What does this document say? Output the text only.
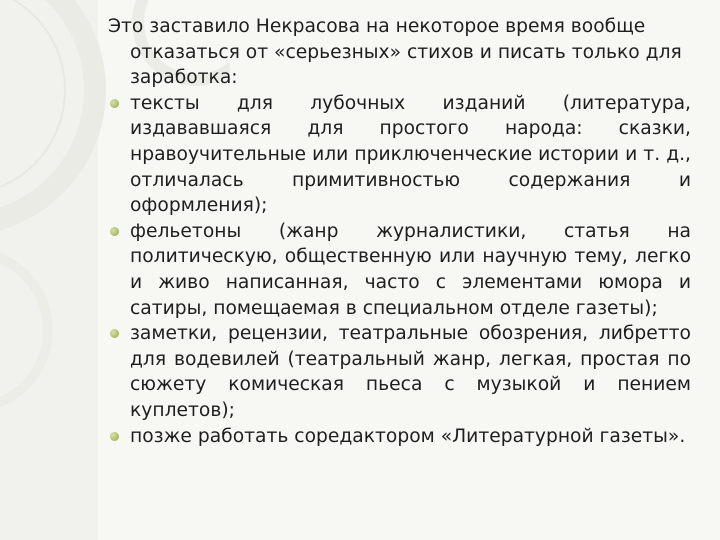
Это заставило Некрасова на некоторое время вообще отказаться от «серьезных» стихов и писать только для заработка:

тексты для лубочных изданий (литература, издававшаяся для простого народа: сказки, нравоучительные или приключенческие истории и т. д., отличалась примитивностью содержания и оформления);
фельетоны (жанр журналистики, статья на политическую, общественную или научную тему, легко и живо написанная, часто с элементами юмора и сатиры, помещаемая в специальном отделе газеты);
заметки, рецензии, театральные обозрения, либретто для водевилей (театральный жанр, легкая, простая по сюжету комическая пьеса с музыкой и пением куплетов);
позже работать соредактором «Литературной газеты».
